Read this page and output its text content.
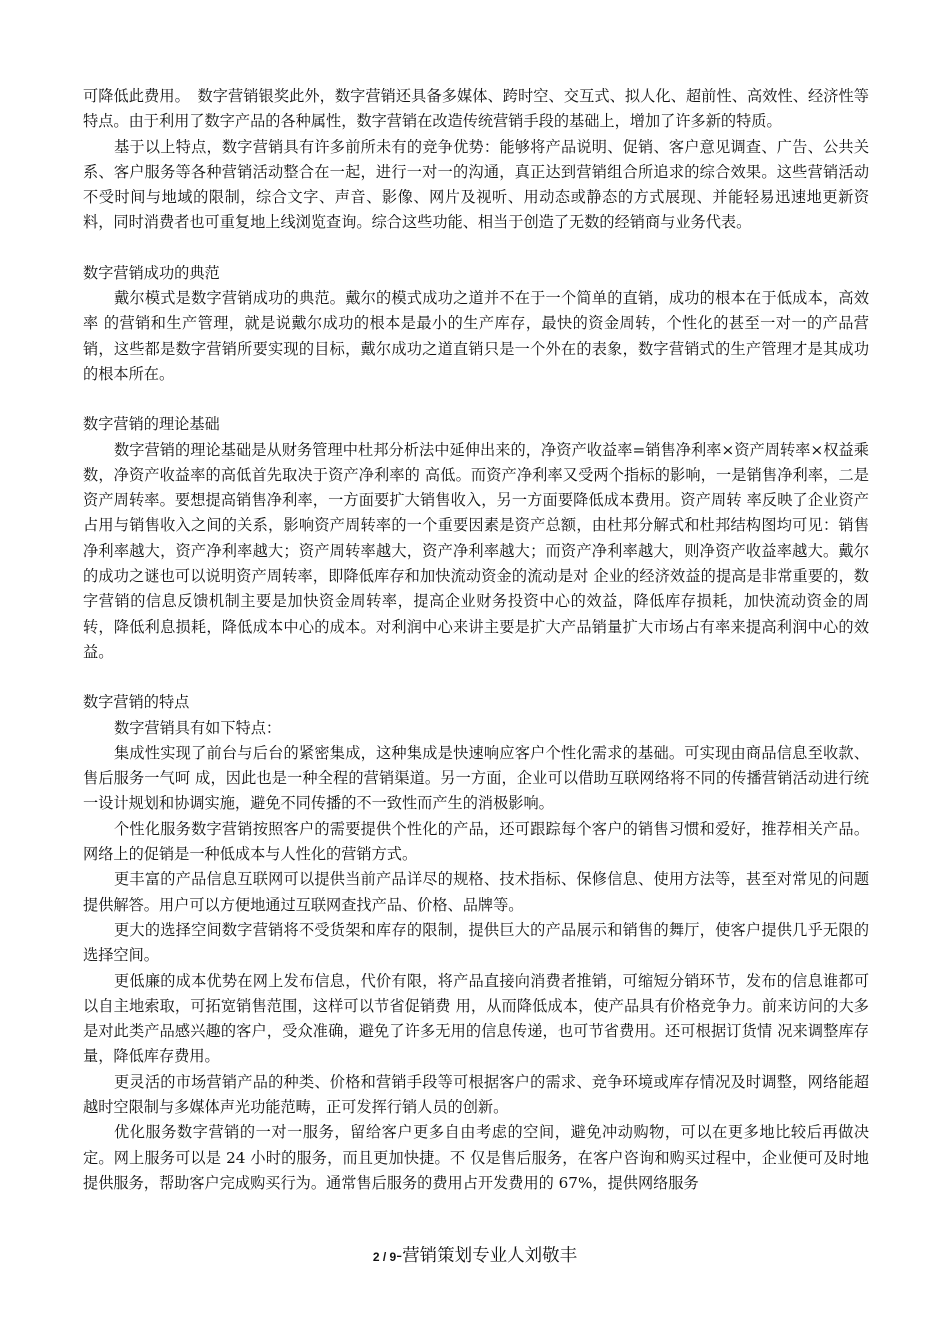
可降低此费用。　数字营销银奖此外，数字营销还具备多媒体、跨时空、交互式、拟人化、超前性、高效性、经济性等特点。由于利用了数字产品的各种属性，数字营销在改造传统营销手段的基础上，增加了许多新的特质。

基于以上特点，数字营销具有许多前所未有的竞争优势：能够将产品说明、促销、客户意见调查、广告、公共关系、客户服务等各种营销活动整合在一起，进行一对一的沟通，真正达到营销组合所追求的综合效果。这些营销活动不受时间与地域的限制，综合文字、声音、影像、网片及视听、用动态或静态的方式展现、并能轻易迅速地更新资料，同时消费者也可重复地上线浏览查询。综合这些功能、相当于创造了无数的经销商与业务代表。

数字营销成功的典范

戴尔模式是数字营销成功的典范。戴尔的模式成功之道并不在于一个简单的直销，成功的根本在于低成本，高效率 的营销和生产管理，就是说戴尔成功的根本是最小的生产库存，最快的资金周转，个性化的甚至一对一的产品营销，这些都是数字营销所要实现的目标，戴尔成功之道直销只是一个外在的表象，数字营销式的生产管理才是其成功的根本所在。

数字营销的理论基础

数字营销的理论基础是从财务管理中杜邦分析法中延伸出来的，净资产收益率=销售净利率×资产周转率×权益乘数，净资产收益率的高低首先取决于资产净利率的 高低。而资产净利率又受两个指标的影响，一是销售净利率，二是资产周转率。要想提高销售净利率，一方面要扩大销售收入，另一方面要降低成本费用。资产周转 率反映了企业资产占用与销售收入之间的关系，影响资产周转率的一个重要因素是资产总额，由杜邦分解式和杜邦结构图均可见：销售净利率越大，资产净利率越大；资产周转率越大，资产净利率越大；而资产净利率越大，则净资产收益率越大。戴尔的成功之谜也可以说明资产周转率，即降低库存和加快流动资金的流动是对 企业的经济效益的提高是非常重要的，数字营销的信息反馈机制主要是加快资金周转率，提高企业财务投资中心的效益，降低库存损耗，加快流动资金的周转，降低利息损耗，降低成本中心的成本。对利润中心来讲主要是扩大产品销量扩大市场占有率来提高利润中心的效益。

数字营销的特点

数字营销具有如下特点：

集成性实现了前台与后台的紧密集成，这种集成是快速响应客户个性化需求的基础。可实现由商品信息至收款、售后服务一气呵 成，因此也是一种全程的营销渠道。另一方面，企业可以借助互联网络将不同的传播营销活动进行统一设计规划和协调实施，避免不同传播的不一致性而产生的消极影响。

个性化服务数字营销按照客户的需要提供个性化的产品，还可跟踪每个客户的销售习惯和爱好，推荐相关产品。网络上的促销是一种低成本与人性化的营销方式。

更丰富的产品信息互联网可以提供当前产品详尽的规格、技术指标、保修信息、使用方法等，甚至对常见的问题提供解答。用户可以方便地通过互联网查找产品、价格、品牌等。

更大的选择空间数字营销将不受货架和库存的限制，提供巨大的产品展示和销售的舞厅，使客户提供几乎无限的选择空间。

更低廉的成本优势在网上发布信息，代价有限，将产品直接向消费者推销，可缩短分销环节，发布的信息谁都可以自主地索取，可拓宽销售范围，这样可以节省促销费 用，从而降低成本，使产品具有价格竞争力。前来访问的大多是对此类产品感兴趣的客户，受众准确，避免了许多无用的信息传递，也可节省费用。还可根据订货情 况来调整库存量，降低库存费用。

更灵活的市场营销产品的种类、价格和营销手段等可根据客户的需求、竞争环境或库存情况及时调整，网络能超越时空限制与多媒体声光功能范畴，正可发挥行销人员的创新。

优化服务数字营销的一对一服务，留给客户更多自由考虑的空间，避免冲动购物，可以在更多地比较后再做决定。网上服务可以是 24 小时的服务，而且更加快捷。不 仅是售后服务，在客户咨询和购买过程中，企业便可及时地提供服务，帮助客户完成购买行为。通常售后服务的费用占开发费用的 67%，提供网络服务

2 / 9-营销策划专业人刘敬丰
